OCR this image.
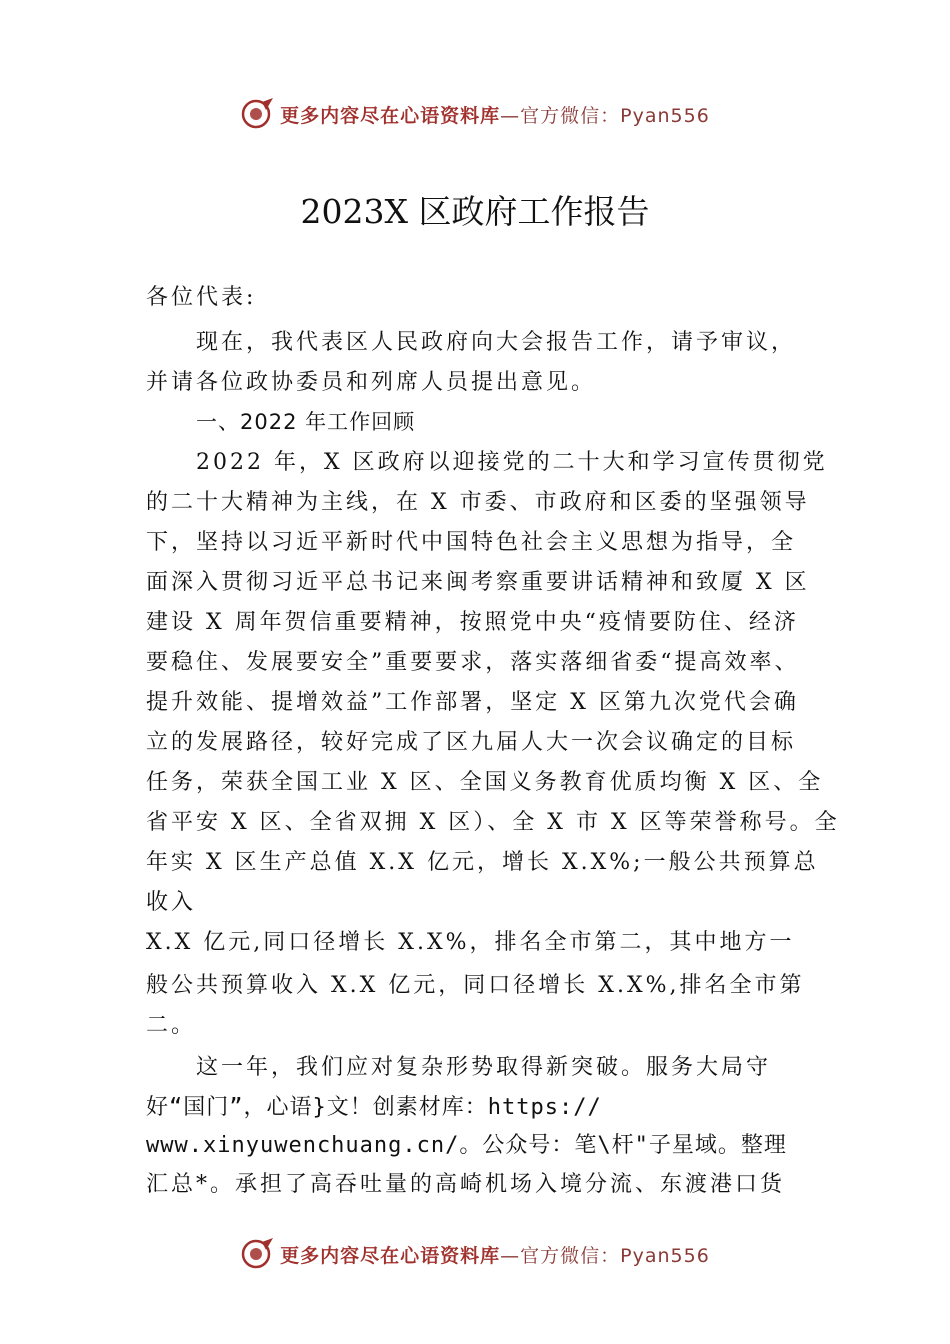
更多内容尽在心语资料库 —官方微信：Pyan556
2023X 区政府工作报告
各位代表:
现在，我代表区人民政府向大会报告工作，请予审议，
并请各位政协委员和列席人员提出意见。
一、2022 年工作回顾
2022 年，X 区政府以迎接党的二十大和学习宣传贯彻党
的二十大精神为主线，在 X 市委、市政府和区委的坚强领导
下，坚持以习近平新时代中国特色社会主义思想为指导，全
面深入贯彻习近平总书记来闽考察重要讲话精神和致厦 X 区
建设 X 周年贺信重要精神，按照党中央“疫情要防住、经济
要稳住、发展要安全”重要要求，落实落细省委“提高效率、
提升效能、提增效益”工作部署，坚定 X 区第九次党代会确
立的发展路径，较好完成了区九届人大一次会议确定的目标
任务，荣获全国工业 X 区、全国义务教育优质均衡 X 区、全
省平安 X 区、全省双拥 X 区）、全 X 市 X 区等荣誉称号。全
年实 X 区生产总值 X.X 亿元，增长 X.X%;一般公共预算总
收入
X.X 亿元,同口径增长 X.X%，排名全市第二，其中地方一
般公共预算收入 X.X 亿元，同口径增长 X.X%,排名全市第
二。
这一年，我们应对复杂形势取得新突破。服务大局守
好“国门”，心语}文！创素材库：https://
www.xinyuwenchuang.cn/。公众号：笔\杆"子星域。整理
汇总*。承担了高吞吐量的高崎机场入境分流、东渡港口货
更多内容尽在心语资料库 —官方微信：Pyan556
